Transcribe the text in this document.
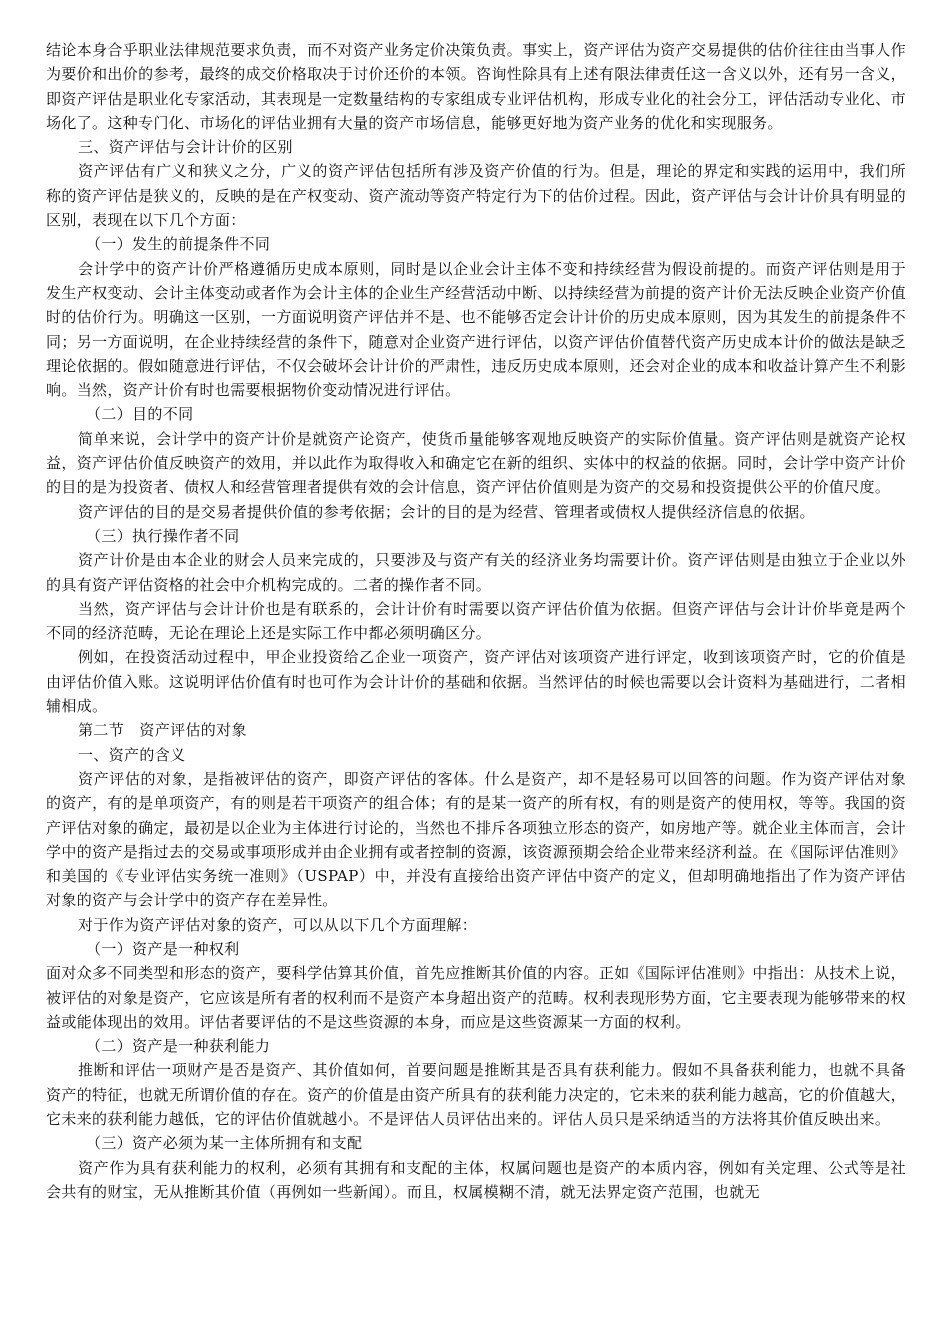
结论本身合乎职业法律规范要求负责，而不对资产业务定价决策负责。事实上，资产评估为资产交易提供的估价往往由当事人作为要价和出价的参考，最终的成交价格取决于讨价还价的本领。咨询性除具有上述有限法律责任这一含义以外，还有另一含义，即资产评估是职业化专家活动，其表现是一定数量结构的专家组成专业评估机构，形成专业化的社会分工，评估活动专业化、市场化了。这种专门化、市场化的评估业拥有大量的资产市场信息，能够更好地为资产业务的优化和实现服务。

三、资产评估与会计计价的区别

资产评估有广义和狭义之分，广义的资产评估包括所有涉及资产价值的行为。但是，理论的界定和实践的运用中，我们所称的资产评估是狭义的，反映的是在产权变动、资产流动等资产特定行为下的估价过程。因此，资产评估与会计计价具有明显的区别，表现在以下几个方面：

（一）发生的前提条件不同

会计学中的资产计价严格遵循历史成本原则，同时是以企业会计主体不变和持续经营为假设前提的。而资产评估则是用于发生产权变动、会计主体变动或者作为会计主体的企业生产经营活动中断、以持续经营为前提的资产计价无法反映企业资产价值时的估价行为。明确这一区别，一方面说明资产评估并不是、也不能够否定会计计价的历史成本原则，因为其发生的前提条件不同；另一方面说明，在企业持续经营的条件下，随意对企业资产进行评估，以资产评估价值替代资产历史成本计价的做法是缺乏理论依据的。假如随意进行评估，不仅会破坏会计计价的严肃性，违反历史成本原则，还会对企业的成本和收益计算产生不利影响。当然，资产计价有时也需要根据物价变动情况进行评估。

（二）目的不同

简单来说，会计学中的资产计价是就资产论资产，使货币量能够客观地反映资产的实际价值量。资产评估则是就资产论权益，资产评估价值反映资产的效用，并以此作为取得收入和确定它在新的组织、实体中的权益的依据。同时，会计学中资产计价的目的是为投资者、债权人和经营管理者提供有效的会计信息，资产评估价值则是为资产的交易和投资提供公平的价值尺度。

资产评估的目的是交易者提供价值的参考依据；会计的目的是为经营、管理者或债权人提供经济信息的依据。

（三）执行操作者不同

资产计价是由本企业的财会人员来完成的，只要涉及与资产有关的经济业务均需要计价。资产评估则是由独立于企业以外的具有资产评估资格的社会中介机构完成的。二者的操作者不同。

当然，资产评估与会计计价也是有联系的，会计计价有时需要以资产评估价值为依据。但资产评估与会计计价毕竟是两个不同的经济范畴，无论在理论上还是实际工作中都必须明确区分。

例如，在投资活动过程中，甲企业投资给乙企业一项资产，资产评估对该项资产进行评定，收到该项资产时，它的价值是由评估价值入账。这说明评估价值有时也可作为会计计价的基础和依据。当然评估的时候也需要以会计资料为基础进行，二者相辅相成。

第二节　资产评估的对象

一、资产的含义

资产评估的对象，是指被评估的资产，即资产评估的客体。什么是资产，却不是轻易可以回答的问题。作为资产评估对象的资产，有的是单项资产，有的则是若干项资产的组合体；有的是某一资产的所有权，有的则是资产的使用权，等等。我国的资产评估对象的确定，最初是以企业为主体进行讨论的，当然也不排斥各项独立形态的资产，如房地产等。就企业主体而言，会计学中的资产是指过去的交易或事项形成并由企业拥有或者控制的资源，该资源预期会给企业带来经济利益。在《国际评估准则》和美国的《专业评估实务统一准则》（USPAP）中，并没有直接给出资产评估中资产的定义，但却明确地指出了作为资产评估对象的资产与会计学中的资产存在差异性。

对于作为资产评估对象的资产，可以从以下几个方面理解：

（一）资产是一种权利

面对众多不同类型和形态的资产，要科学估算其价值，首先应推断其价值的内容。正如《国际评估准则》中指出：从技术上说，被评估的对象是资产，它应该是所有者的权利而不是资产本身超出资产的范畴。权利表现形势方面，它主要表现为能够带来的权益或能体现出的效用。评估者要评估的不是这些资源的本身，而应是这些资源某一方面的权利。

（二）资产是一种获利能力

推断和评估一项财产是否是资产、其价值如何，首要问题是推断其是否具有获利能力。假如不具备获利能力，也就不具备资产的特征，也就无所谓价值的存在。资产的价值是由资产所具有的获利能力决定的，它未来的获利能力越高，它的价值越大，它未来的获利能力越低，它的评估价值就越小。不是评估人员评估出来的。评估人员只是采纳适当的方法将其价值反映出来。

（三）资产必须为某一主体所拥有和支配

资产作为具有获利能力的权利，必须有其拥有和支配的主体，权属问题也是资产的本质内容，例如有关定理、公式等是社会共有的财宝，无从推断其价值（再例如一些新闻）。而且，权属模糊不清，就无法界定资产范围，也就无
